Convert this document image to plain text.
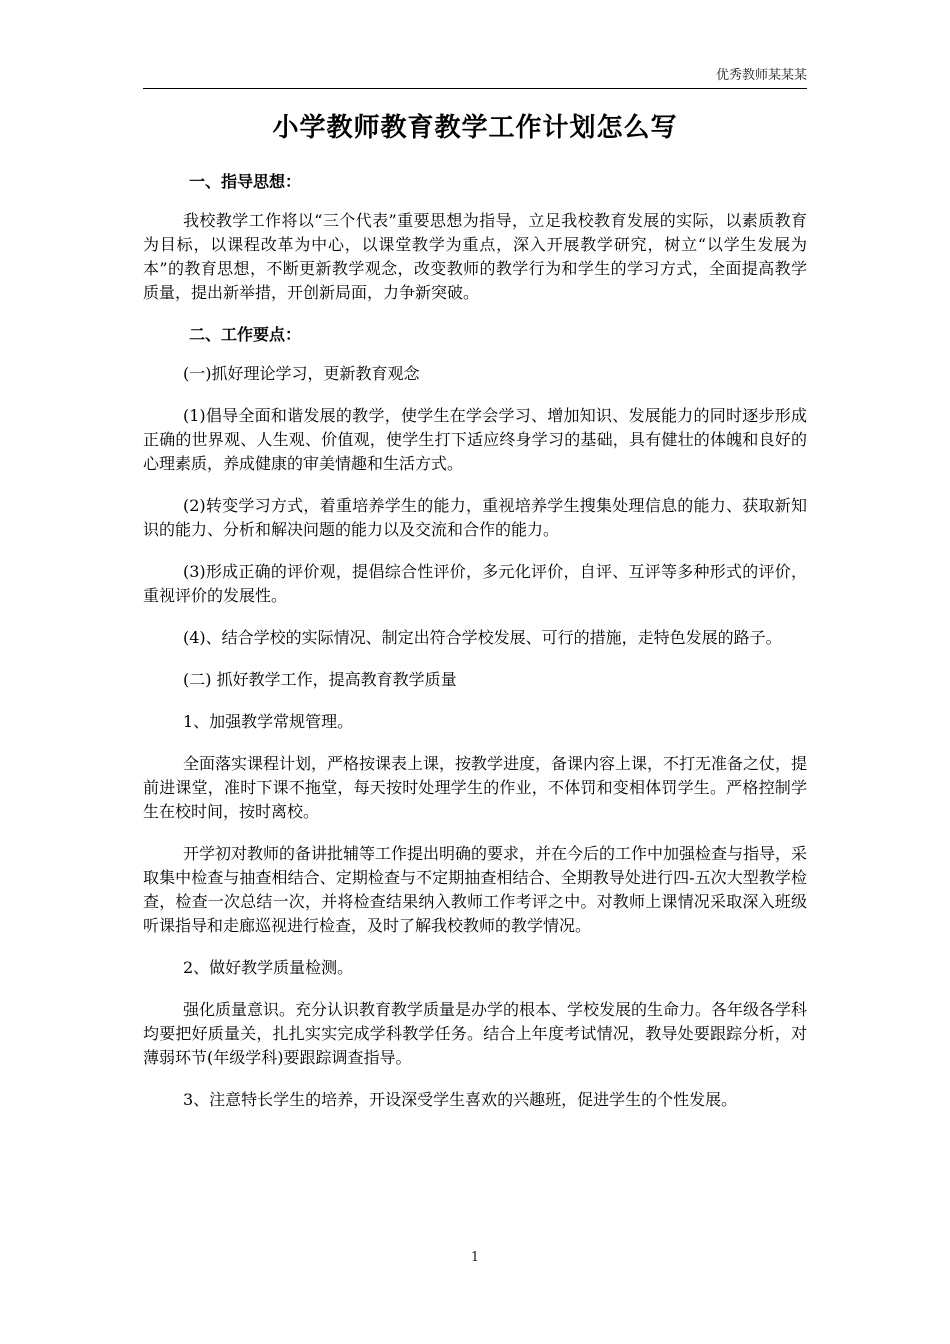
优秀教师某某某
小学教师教育教学工作计划怎么写
一、指导思想：
我校教学工作将以“三个代表”重要思想为指导，立足我校教育发展的实际，以素质教育为目标，以课程改革为中心，以课堂教学为重点，深入开展教学研究，树立“以学生发展为本”的教育思想，不断更新教学观念，改变教师的教学行为和学生的学习方式，全面提高教学质量，提出新举措，开创新局面，力争新突破。
二、工作要点：
(一)抓好理论学习，更新教育观念
(1)倡导全面和谐发展的教学，使学生在学会学习、增加知识、发展能力的同时逐步形成正确的世界观、人生观、价值观，使学生打下适应终身学习的基础，具有健壮的体魄和良好的心理素质，养成健康的审美情趣和生活方式。
(2)转变学习方式，着重培养学生的能力，重视培养学生搜集处理信息的能力、获取新知识的能力、分析和解决问题的能力以及交流和合作的能力。
(3)形成正确的评价观，提倡综合性评价，多元化评价，自评、互评等多种形式的评价，重视评价的发展性。
(4)、结合学校的实际情况、制定出符合学校发展、可行的措施，走特色发展的路子。
(二) 抓好教学工作，提高教育教学质量
1、加强教学常规管理。
全面落实课程计划，严格按课表上课，按教学进度，备课内容上课，不打无准备之仗，提前进课堂，准时下课不拖堂，每天按时处理学生的作业，不体罚和变相体罚学生。严格控制学生在校时间，按时离校。
开学初对教师的备讲批辅等工作提出明确的要求，并在今后的工作中加强检查与指导，采取集中检查与抽查相结合、定期检查与不定期抽查相结合、全期教导处进行四-五次大型教学检查，检查一次总结一次，并将检查结果纳入教师工作考评之中。对教师上课情况采取深入班级听课指导和走廊巡视进行检查，及时了解我校教师的教学情况。
2、做好教学质量检测。
强化质量意识。充分认识教育教学质量是办学的根本、学校发展的生命力。各年级各学科均要把好质量关，扎扎实实完成学科教学任务。结合上年度考试情况，教导处要跟踪分析，对薄弱环节(年级学科)要跟踪调查指导。
3、注意特长学生的培养，开设深受学生喜欢的兴趣班，促进学生的个性发展。
1
